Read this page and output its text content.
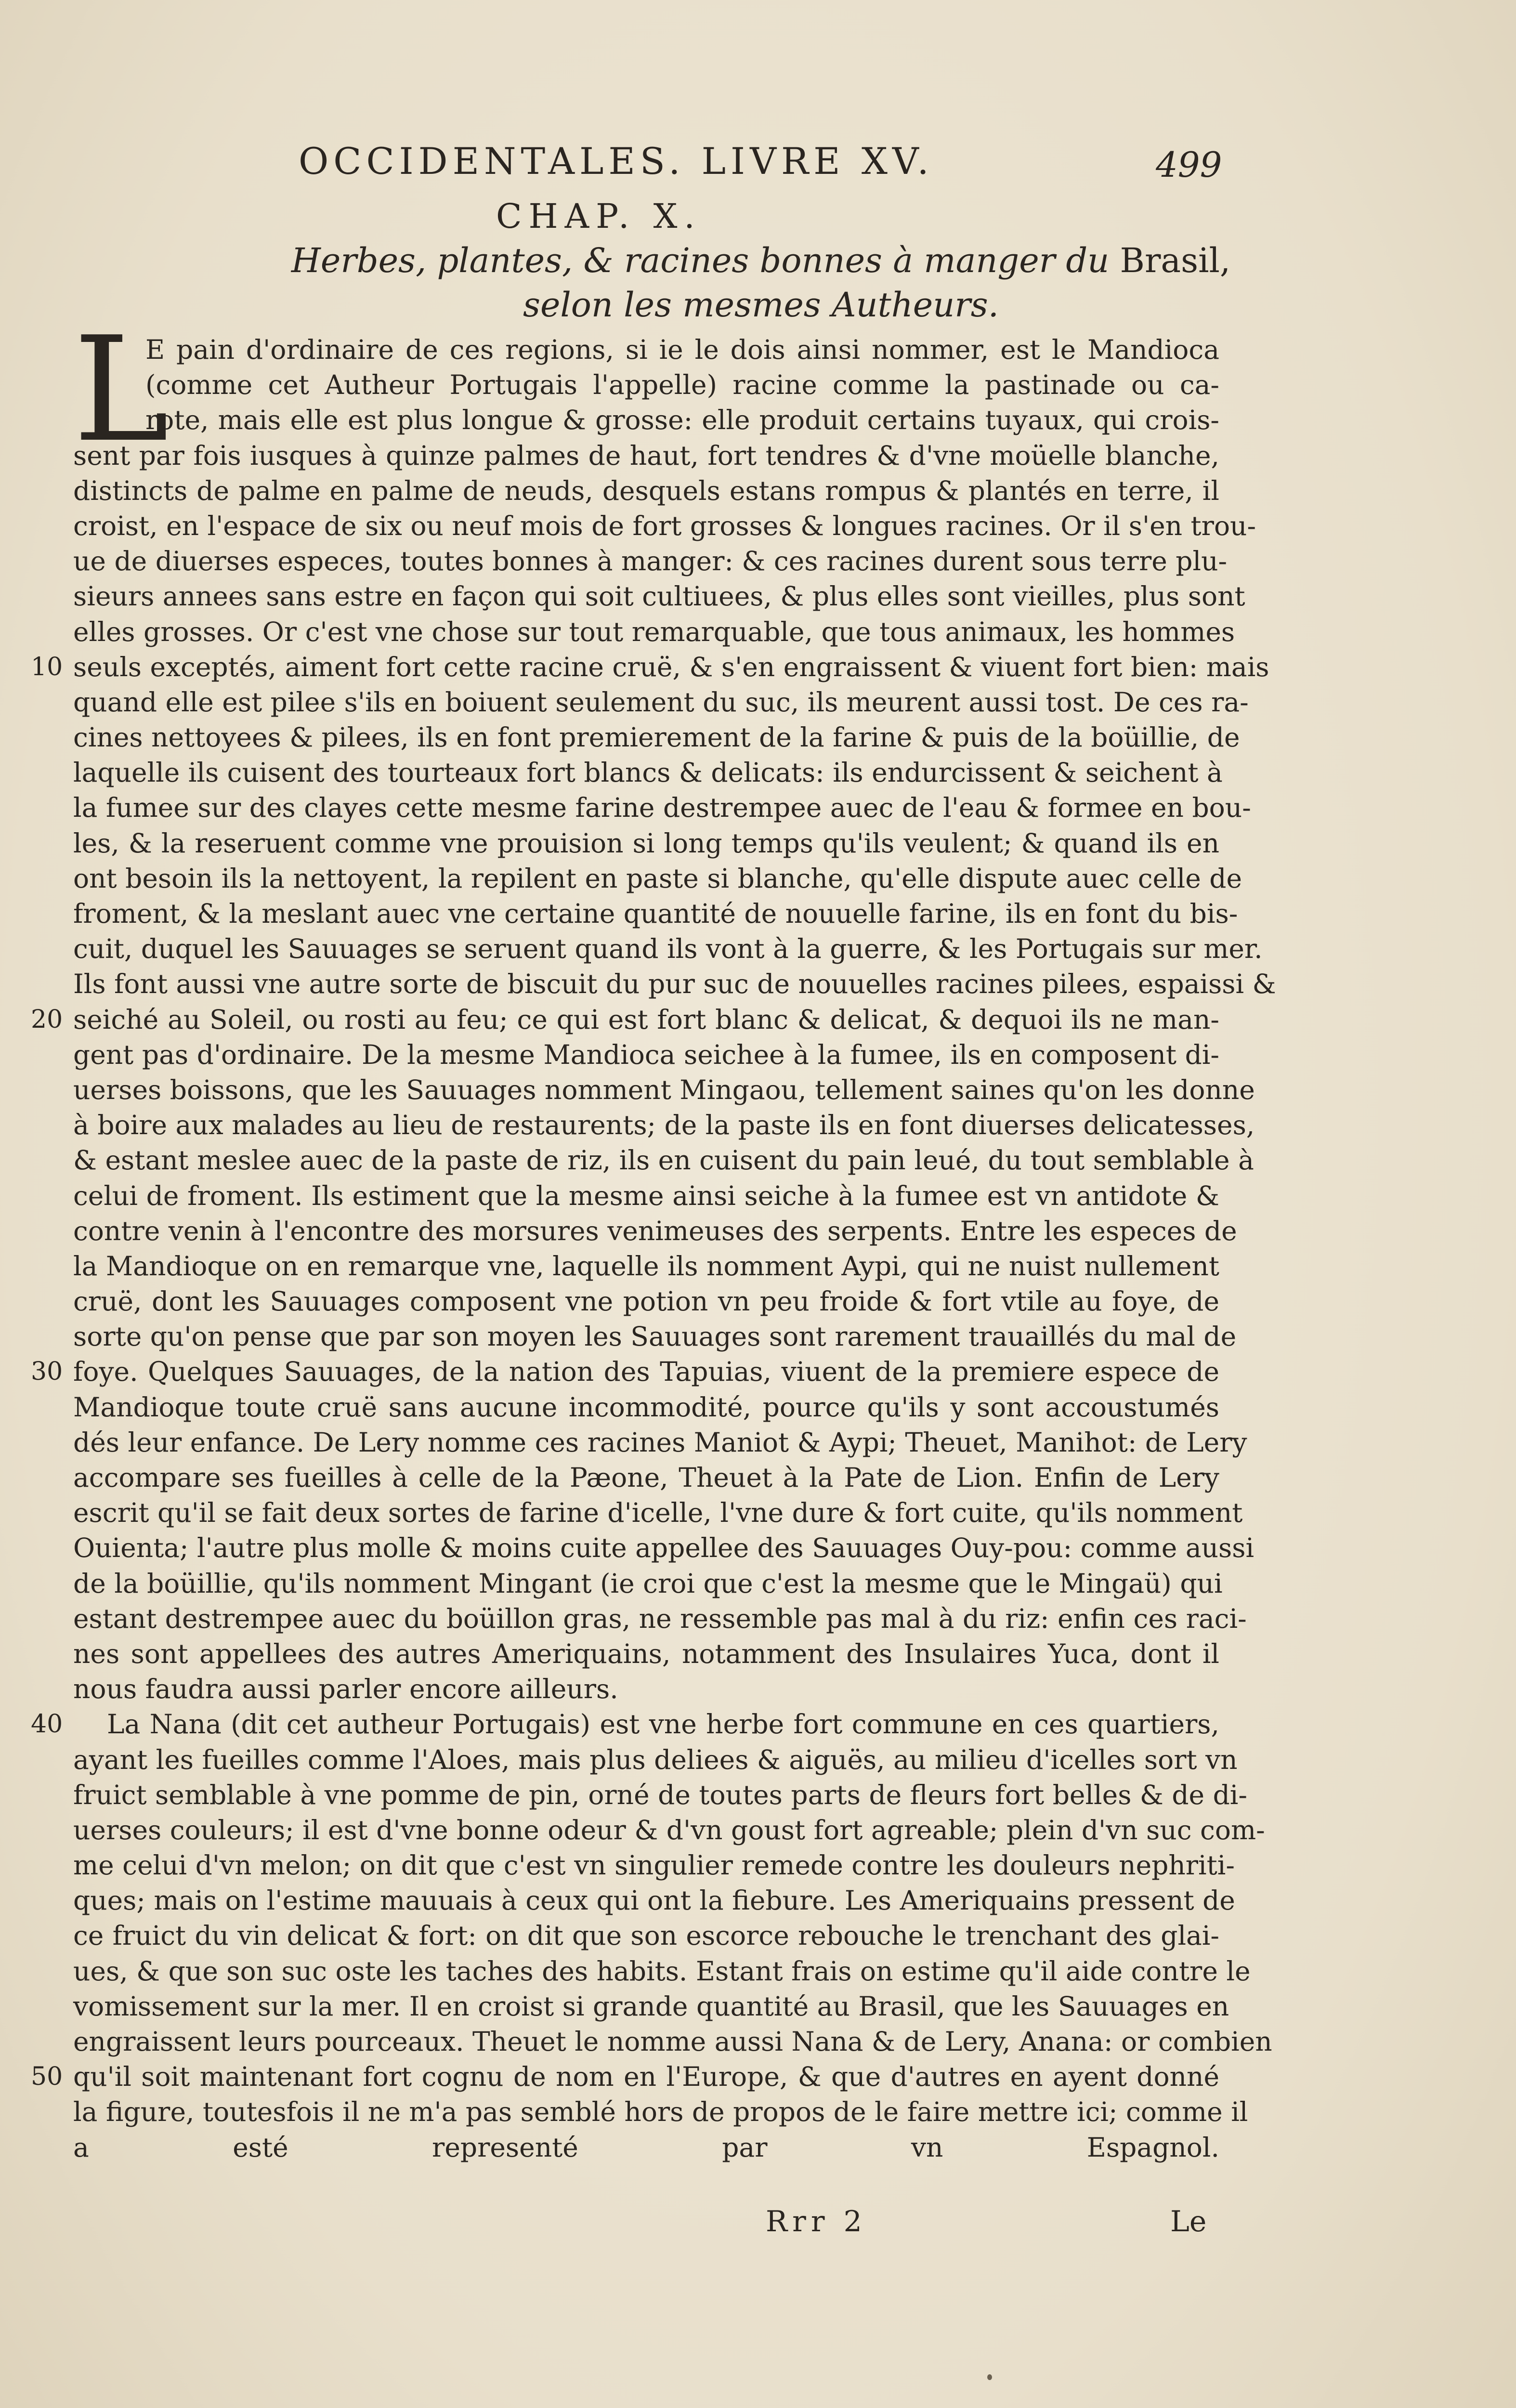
OCCIDENTALES. LIVRE XV.	499
CHAP. X.
Herbes, plantes, & racines bonnes à manger du Brasil,
selon les mesmes Autheurs.
L
E pain d'ordinaire de ces regions, si ie le dois ainsi nommer, est le Mandioca
(comme cet Autheur Portugais l'appelle) racine comme la pastinade ou ca-
rote, mais elle est plus longue & grosse: elle produit certains tuyaux, qui crois-
sent par fois iusques à quinze palmes de haut, fort tendres & d'vne moüelle blanche,
distincts de palme en palme de neuds, desquels estans rompus & plantés en terre, il
croist, en l'espace de six ou neuf mois de fort grosses & longues racines. Or il s'en trou-
ue de diuerses especes, toutes bonnes à manger: & ces racines durent sous terre plu-
sieurs annees sans estre en façon qui soit cultiuees, & plus elles sont vieilles, plus sont
elles grosses. Or c'est vne chose sur tout remarquable, que tous animaux, les hommes
10 seuls exceptés, aiment fort cette racine cruë, & s'en engraissent & viuent fort bien: mais
quand elle est pilee s'ils en boiuent seulement du suc, ils meurent aussi tost. De ces ra-
cines nettoyees & pilees, ils en font premierement de la farine & puis de la boüillie, de
laquelle ils cuisent des tourteaux fort blancs & delicats: ils endurcissent & seichent à
la fumee sur des clayes cette mesme farine destrempee auec de l'eau & formee en bou-
les, & la reseruent comme vne prouision si long temps qu'ils veulent; & quand ils en
ont besoin ils la nettoyent, la repilent en paste si blanche, qu'elle dispute auec celle de
froment, & la meslant auec vne certaine quantité de nouuelle farine, ils en font du bis-
cuit, duquel les Sauuages se seruent quand ils vont à la guerre, & les Portugais sur mer.
Ils font aussi vne autre sorte de biscuit du pur suc de nouuelles racines pilees, espaissi &
20 seiché au Soleil, ou rosti au feu; ce qui est fort blanc & delicat, & dequoi ils ne man-
gent pas d'ordinaire. De la mesme Mandioca seichee à la fumee, ils en composent di-
uerses boissons, que les Sauuages nomment Mingaou, tellement saines qu'on les donne
à boire aux malades au lieu de restaurents; de la paste ils en font diuerses delicatesses,
& estant meslee auec de la paste de riz, ils en cuisent du pain leué, du tout semblable à
celui de froment. Ils estiment que la mesme ainsi seiche à la fumee est vn antidote &
contre venin à l'encontre des morsures venimeuses des serpents. Entre les especes de
la Mandioque on en remarque vne, laquelle ils nomment Aypi, qui ne nuist nullement
cruë, dont les Sauuages composent vne potion vn peu froide & fort vtile au foye, de
sorte qu'on pense que par son moyen les Sauuages sont rarement trauaillés du mal de
30 foye. Quelques Sauuages, de la nation des Tapuias, viuent de la premiere espece de
Mandioque toute cruë sans aucune incommodité, pource qu'ils y sont accoustumés
dés leur enfance. De Lery nomme ces racines Maniot & Aypi; Theuet, Manihot: de Lery
accompare ses fueilles à celle de la Pæone, Theuet à la Pate de Lion. Enfin de Lery
escrit qu'il se fait deux sortes de farine d'icelle, l'vne dure & fort cuite, qu'ils nomment
Ouienta; l'autre plus molle & moins cuite appellee des Sauuages Ouy-pou: comme aussi
de la boüillie, qu'ils nomment Mingant (ie croi que c'est la mesme que le Mingaü) qui
estant destrempee auec du boüillon gras, ne ressemble pas mal à du riz: enfin ces raci-
nes sont appellees des autres Ameriquains, notamment des Insulaires Yuca, dont il
nous faudra aussi parler encore ailleurs.
40 La Nana (dit cet autheur Portugais) est vne herbe fort commune en ces quartiers,
ayant les fueilles comme l'Aloes, mais plus deliees & aiguës, au milieu d'icelles sort vn
fruict semblable à vne pomme de pin, orné de toutes parts de fleurs fort belles & de di-
uerses couleurs; il est d'vne bonne odeur & d'vn goust fort agreable; plein d'vn suc com-
me celui d'vn melon; on dit que c'est vn singulier remede contre les douleurs nephriti-
ques; mais on l'estime mauuais à ceux qui ont la fiebure. Les Ameriquains pressent de
ce fruict du vin delicat & fort: on dit que son escorce rebouche le trenchant des glai-
ues, & que son suc oste les taches des habits. Estant frais on estime qu'il aide contre le
vomissement sur la mer. Il en croist si grande quantité au Brasil, que les Sauuages en
engraissent leurs pourceaux. Theuet le nomme aussi Nana & de Lery, Anana: or combien
50 qu'il soit maintenant fort cognu de nom en l'Europe, & que d'autres en ayent donné
la figure, toutesfois il ne m'a pas semblé hors de propos de le faire mettre ici; comme il
a esté representé par vn Espagnol.
Rrr 2	Le
